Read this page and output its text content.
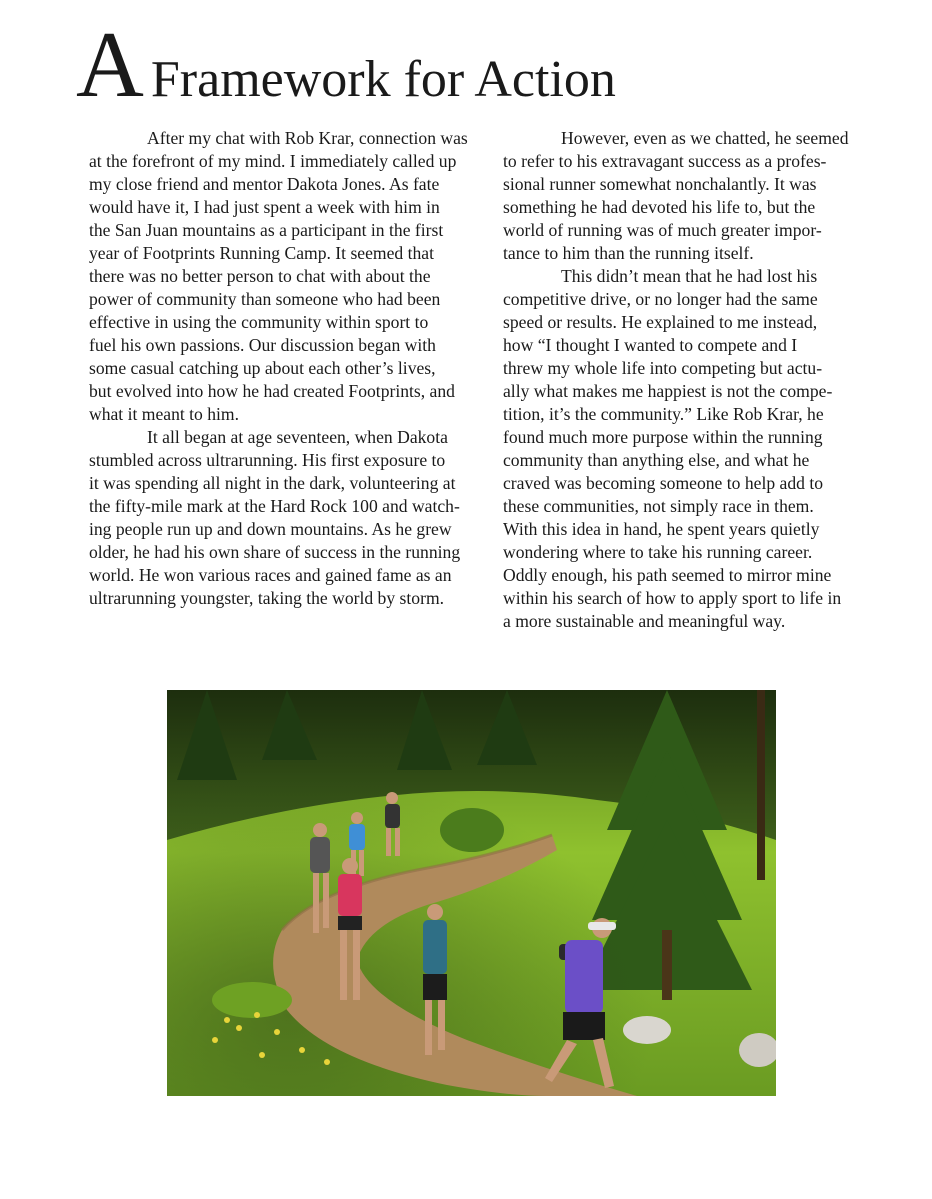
A Framework for Action
After my chat with Rob Krar, connection was
at the forefront of my mind. I immediately called up
my close friend and mentor Dakota Jones. As fate
would have it, I had just spent a week with him in
the San Juan mountains as a participant in the first
year of Footprints Running Camp. It seemed that
there was no better person to chat with about the
power of community than someone who had been
effective in using the community within sport to
fuel his own passions. Our discussion began with
some casual catching up about each other’s lives,
but evolved into how he had created Footprints, and
what it meant to him.
It all began at age seventeen, when Dakota
stumbled across ultrarunning. His first exposure to
it was spending all night in the dark, volunteering at
the fifty-mile mark at the Hard Rock 100 and watch-
ing people run up and down mountains. As he grew
older, he had his own share of success in the running
world. He won various races and gained fame as an
ultrarunning youngster, taking the world by storm.
However, even as we chatted, he seemed
to refer to his extravagant success as a profes-
sional runner somewhat nonchalantly. It was
something he had devoted his life to, but the
world of running was of much greater impor-
tance to him than the running itself.
This didn’t mean that he had lost his
competitive drive, or no longer had the same
speed or results. He explained to me instead,
how “I thought I wanted to compete and I
threw my whole life into competing but actu-
ally what makes me happiest is not the compe-
tition, it’s the community.” Like Rob Krar, he
found much more purpose within the running
community than anything else, and what he
craved was becoming someone to help add to
these communities, not simply race in them.
With this idea in hand, he spent years quietly
wondering where to take his running career.
Oddly enough, his path seemed to mirror mine
within his search of how to apply sport to life in
a more sustainable and meaningful way.
